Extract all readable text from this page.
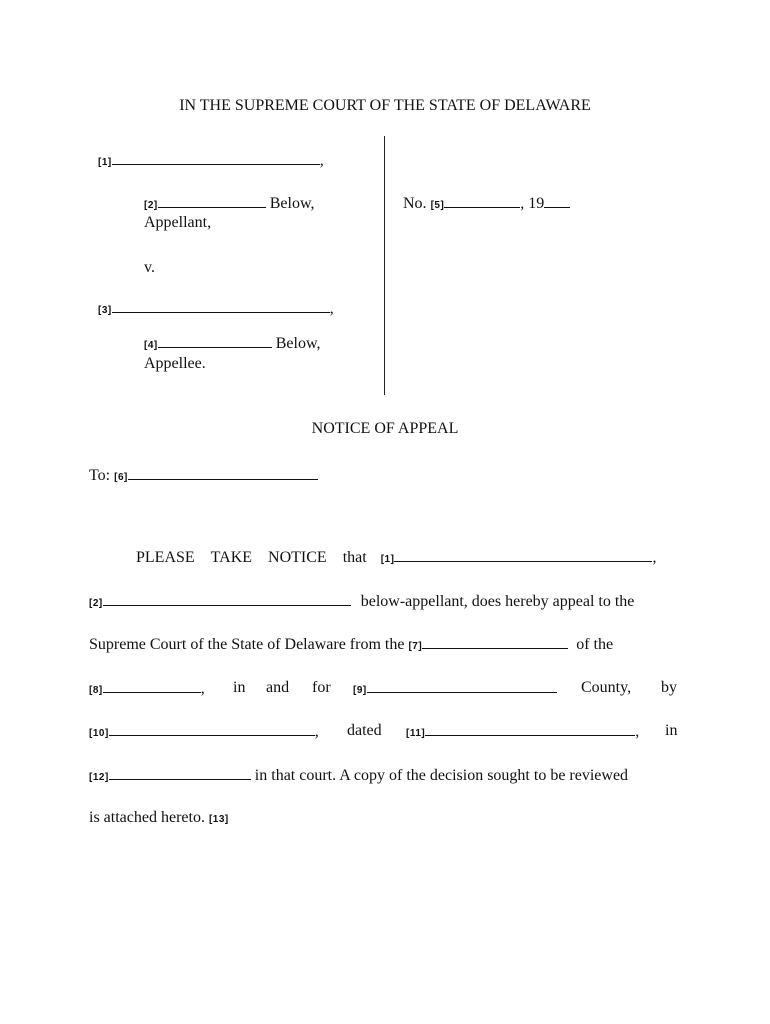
IN THE SUPREME COURT OF THE STATE OF DELAWARE
[1]	,
[2]	Below,
Appellant,
v.
[3]	,
[4]	Below,
Appellee.
No. [5]	, 19
NOTICE OF APPEAL
To: [6]
PLEASE TAKE NOTICE that [1]	,
[2]	below-appellant, does hereby appeal to the
Supreme Court of the State of Delaware from the [7]	of the
[8]	, in and for [9]	County, by
[10]	, dated [11]	, in
[12]	in that court. A copy of the decision sought to be reviewed
is attached hereto. [13]
